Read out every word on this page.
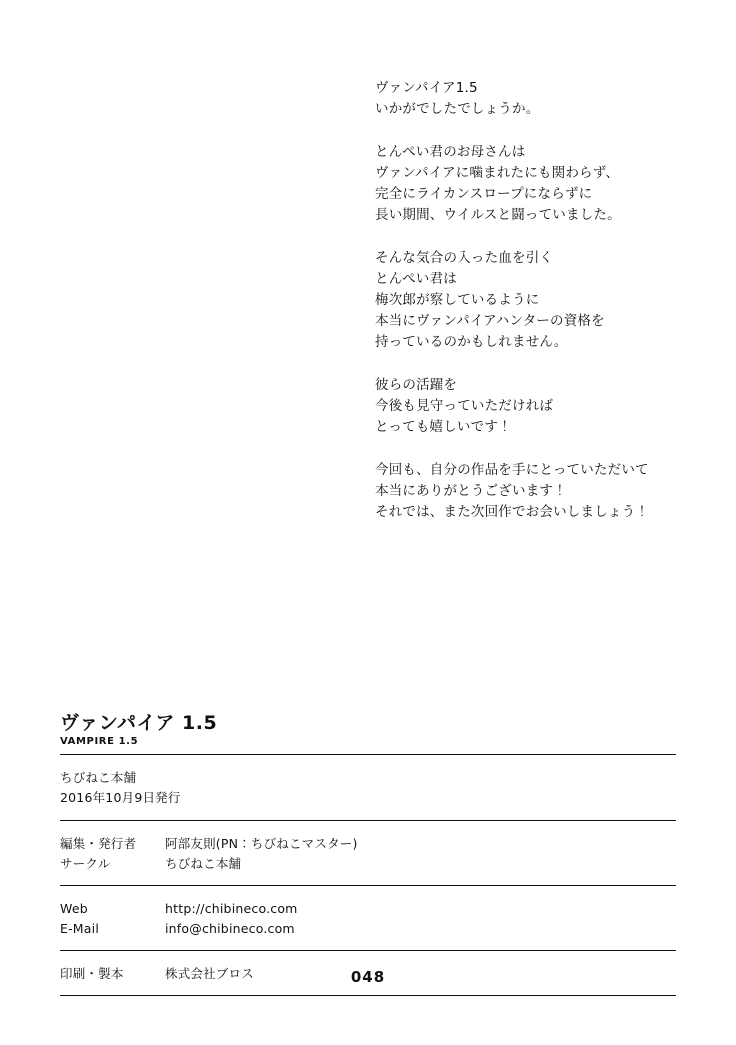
ヴァンパイア1.5
いかがでしたでしょうか。
とんぺい君のお母さんは
ヴァンパイアに噛まれたにも関わらず、
完全にライカンスロープにならずに
長い期間、ウイルスと闘っていました。
そんな気合の入った血を引く
とんぺい君は
梅次郎が察しているように
本当にヴァンパイアハンターの資格を
持っているのかもしれません。
彼らの活躍を
今後も見守っていただければ
とっても嬉しいです！
今回も、自分の作品を手にとっていただいて
本当にありがとうございます！
それでは、また次回作でお会いしましょう！
ヴァンパイア 1.5
VAMPIRE 1.5
ちびねこ本舗
2016年10月9日発行
編集・発行者	阿部友則(PN：ちびねこマスター)
サークル	ちびねこ本舗
Web	http://chibineco.com
E-Mail	info@chibineco.com
印刷・製本	株式会社ブロス	048
